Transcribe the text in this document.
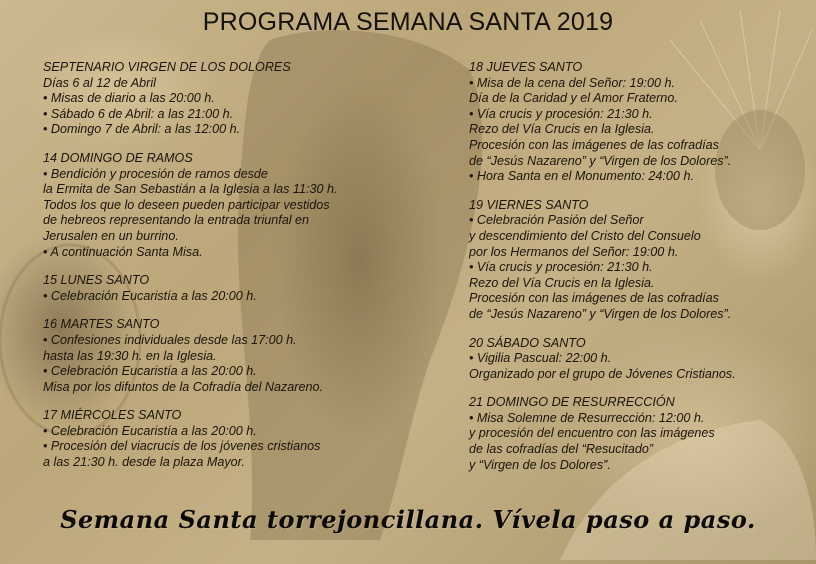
PROGRAMA SEMANA SANTA 2019
SEPTENARIO VIRGEN DE LOS DOLORES
Días 6 al 12 de Abril
• Misas de diario a las 20:00 h.
• Sábado 6 de Abril: a las 21:00 h.
• Domingo 7 de Abril: a las 12:00 h.
14 DOMINGO DE RAMOS
• Bendición y procesión de ramos desde
la Ermita de San Sebastián a la Iglesia a las 11:30 h.
Todos los que lo deseen pueden participar vestidos
de hebreos representando la entrada triunfal en
Jerusalen en un burrino.
• A continuación Santa Misa.
15 LUNES SANTO
• Celebración Eucaristía a las 20:00 h.
16 MARTES SANTO
• Confesiones individuales desde las 17:00 h.
hasta las 19:30 h. en la Iglesia.
• Celebración Eucaristía a las 20:00 h.
Misa por los difuntos de la Cofradía del Nazareno.
17 MIÉRCOLES SANTO
• Celebración Eucaristía a las 20:00 h.
• Procesión del viacrucis de los jóvenes cristianos
a las 21:30 h. desde la plaza Mayor.
18 JUEVES SANTO
• Misa de la cena del Señor: 19:00 h.
Día de la Caridad y el Amor Fraterno.
• Vía crucis y procesión: 21:30 h.
Rezo del Vía Crucis en la Iglesia.
Procesión con las imágenes de las cofradías
de “Jesús Nazareno” y “Virgen de los Dolores”.
• Hora Santa en el Monumento: 24:00 h.
19 VIERNES SANTO
• Celebración Pasión del Señor
y descendimiento del Cristo del Consuelo
por los Hermanos del Señor: 19:00 h.
• Vía crucis y procesión: 21:30 h.
Rezo del Vía Crucis en la Iglesia.
Procesión con las imágenes de las cofradías
de “Jesús Nazareno” y “Virgen de los Dolores”.
20 SÁBADO SANTO
• Vigilia Pascual: 22:00 h.
Organizado por el grupo de Jóvenes Cristianos.
21 DOMINGO DE RESURRECCIÓN
• Misa Solemne de Resurrección: 12:00 h.
y procesión del encuentro con las imágenes
de las cofradías del “Resucitado”
y “Virgen de los Dolores”.
Semana Santa torrejoncillana. Vívela paso a paso.
